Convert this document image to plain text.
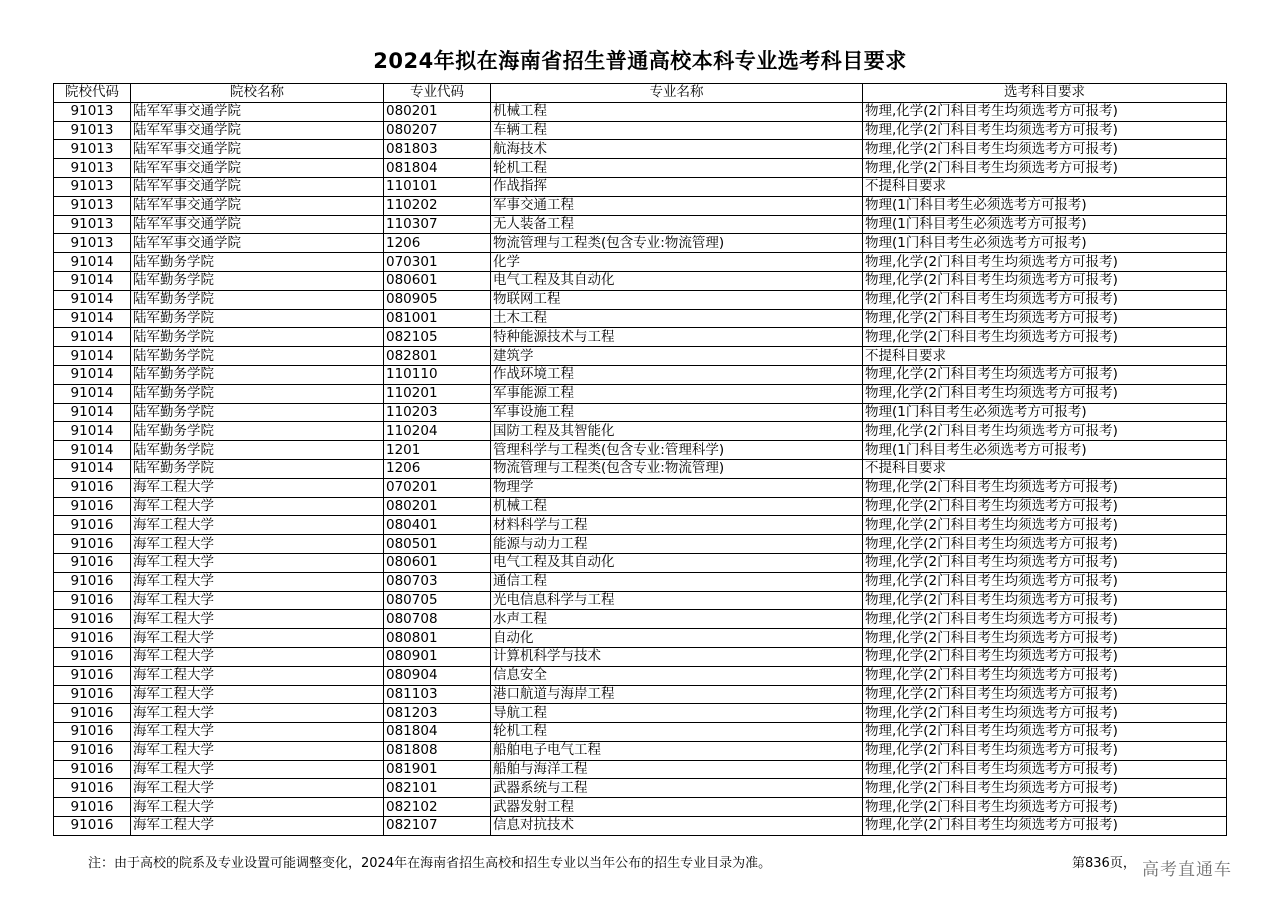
2024年拟在海南省招生普通高校本科专业选考科目要求
院校代码	院校名称	专业代码	专业名称	选考科目要求
91013	陆军军事交通学院	080201	机械工程	物理,化学(2门科目考生均须选考方可报考)
91013	陆军军事交通学院	080207	车辆工程	物理,化学(2门科目考生均须选考方可报考)
91013	陆军军事交通学院	081803	航海技术	物理,化学(2门科目考生均须选考方可报考)
91013	陆军军事交通学院	081804	轮机工程	物理,化学(2门科目考生均须选考方可报考)
91013	陆军军事交通学院	110101	作战指挥	不提科目要求
91013	陆军军事交通学院	110202	军事交通工程	物理(1门科目考生必须选考方可报考)
91013	陆军军事交通学院	110307	无人装备工程	物理(1门科目考生必须选考方可报考)
91013	陆军军事交通学院	1206	物流管理与工程类(包含专业:物流管理)	物理(1门科目考生必须选考方可报考)
91014	陆军勤务学院	070301	化学	物理,化学(2门科目考生均须选考方可报考)
91014	陆军勤务学院	080601	电气工程及其自动化	物理,化学(2门科目考生均须选考方可报考)
91014	陆军勤务学院	080905	物联网工程	物理,化学(2门科目考生均须选考方可报考)
91014	陆军勤务学院	081001	土木工程	物理,化学(2门科目考生均须选考方可报考)
91014	陆军勤务学院	082105	特种能源技术与工程	物理,化学(2门科目考生均须选考方可报考)
91014	陆军勤务学院	082801	建筑学	不提科目要求
91014	陆军勤务学院	110110	作战环境工程	物理,化学(2门科目考生均须选考方可报考)
91014	陆军勤务学院	110201	军事能源工程	物理,化学(2门科目考生均须选考方可报考)
91014	陆军勤务学院	110203	军事设施工程	物理(1门科目考生必须选考方可报考)
91014	陆军勤务学院	110204	国防工程及其智能化	物理,化学(2门科目考生均须选考方可报考)
91014	陆军勤务学院	1201	管理科学与工程类(包含专业:管理科学)	物理(1门科目考生必须选考方可报考)
91014	陆军勤务学院	1206	物流管理与工程类(包含专业:物流管理)	不提科目要求
91016	海军工程大学	070201	物理学	物理,化学(2门科目考生均须选考方可报考)
91016	海军工程大学	080201	机械工程	物理,化学(2门科目考生均须选考方可报考)
91016	海军工程大学	080401	材料科学与工程	物理,化学(2门科目考生均须选考方可报考)
91016	海军工程大学	080501	能源与动力工程	物理,化学(2门科目考生均须选考方可报考)
91016	海军工程大学	080601	电气工程及其自动化	物理,化学(2门科目考生均须选考方可报考)
91016	海军工程大学	080703	通信工程	物理,化学(2门科目考生均须选考方可报考)
91016	海军工程大学	080705	光电信息科学与工程	物理,化学(2门科目考生均须选考方可报考)
91016	海军工程大学	080708	水声工程	物理,化学(2门科目考生均须选考方可报考)
91016	海军工程大学	080801	自动化	物理,化学(2门科目考生均须选考方可报考)
91016	海军工程大学	080901	计算机科学与技术	物理,化学(2门科目考生均须选考方可报考)
91016	海军工程大学	080904	信息安全	物理,化学(2门科目考生均须选考方可报考)
91016	海军工程大学	081103	港口航道与海岸工程	物理,化学(2门科目考生均须选考方可报考)
91016	海军工程大学	081203	导航工程	物理,化学(2门科目考生均须选考方可报考)
91016	海军工程大学	081804	轮机工程	物理,化学(2门科目考生均须选考方可报考)
91016	海军工程大学	081808	船舶电子电气工程	物理,化学(2门科目考生均须选考方可报考)
91016	海军工程大学	081901	船舶与海洋工程	物理,化学(2门科目考生均须选考方可报考)
91016	海军工程大学	082101	武器系统与工程	物理,化学(2门科目考生均须选考方可报考)
91016	海军工程大学	082102	武器发射工程	物理,化学(2门科目考生均须选考方可报考)
91016	海军工程大学	082107	信息对抗技术	物理,化学(2门科目考生均须选考方可报考)
注：由于高校的院系及专业设置可能调整变化，2024年在海南省招生高校和招生专业以当年公布的招生专业目录为准。	第836页， 高考直通车
